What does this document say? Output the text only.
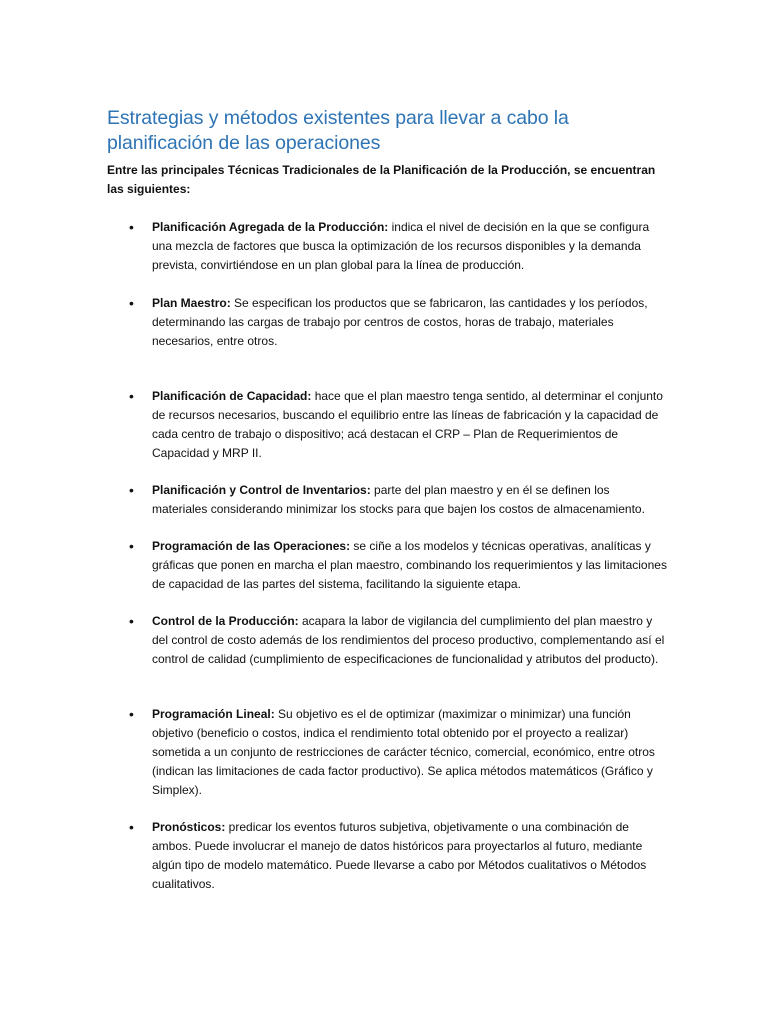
Estrategias y métodos existentes para llevar a cabo la planificación de las operaciones

Entre las principales Técnicas Tradicionales de la Planificación de la Producción, se encuentran las siguientes:

• Planificación Agregada de la Producción: indica el nivel de decisión en la que se configura una mezcla de factores que busca la optimización de los recursos disponibles y la demanda prevista, convirtiéndose en un plan global para la línea de producción.
• Plan Maestro: Se especifican los productos que se fabricaron, las cantidades y los períodos, determinando las cargas de trabajo por centros de costos, horas de trabajo, materiales necesarios, entre otros.
• Planificación de Capacidad: hace que el plan maestro tenga sentido, al determinar el conjunto de recursos necesarios, buscando el equilibrio entre las líneas de fabricación y la capacidad de cada centro de trabajo o dispositivo; acá destacan el CRP – Plan de Requerimientos de Capacidad y MRP II.
• Planificación y Control de Inventarios: parte del plan maestro y en él se definen los materiales considerando minimizar los stocks para que bajen los costos de almacenamiento.
• Programación de las Operaciones: se ciñe a los modelos y técnicas operativas, analíticas y gráficas que ponen en marcha el plan maestro, combinando los requerimientos y las limitaciones de capacidad de las partes del sistema, facilitando la siguiente etapa.
• Control de la Producción: acapara la labor de vigilancia del cumplimiento del plan maestro y del control de costo además de los rendimientos del proceso productivo, complementando así el control de calidad (cumplimiento de especificaciones de funcionalidad y atributos del producto).
• Programación Lineal: Su objetivo es el de optimizar (maximizar o minimizar) una función objetivo (beneficio o costos, indica el rendimiento total obtenido por el proyecto a realizar) sometida a un conjunto de restricciones de carácter técnico, comercial, económico, entre otros (indican las limitaciones de cada factor productivo). Se aplica métodos matemáticos (Gráfico y Simplex).
• Pronósticos: predicar los eventos futuros subjetiva, objetivamente o una combinación de ambos. Puede involucrar el manejo de datos históricos para proyectarlos al futuro, mediante algún tipo de modelo matemático. Puede llevarse a cabo por Métodos cualitativos o Métodos cualitativos.
